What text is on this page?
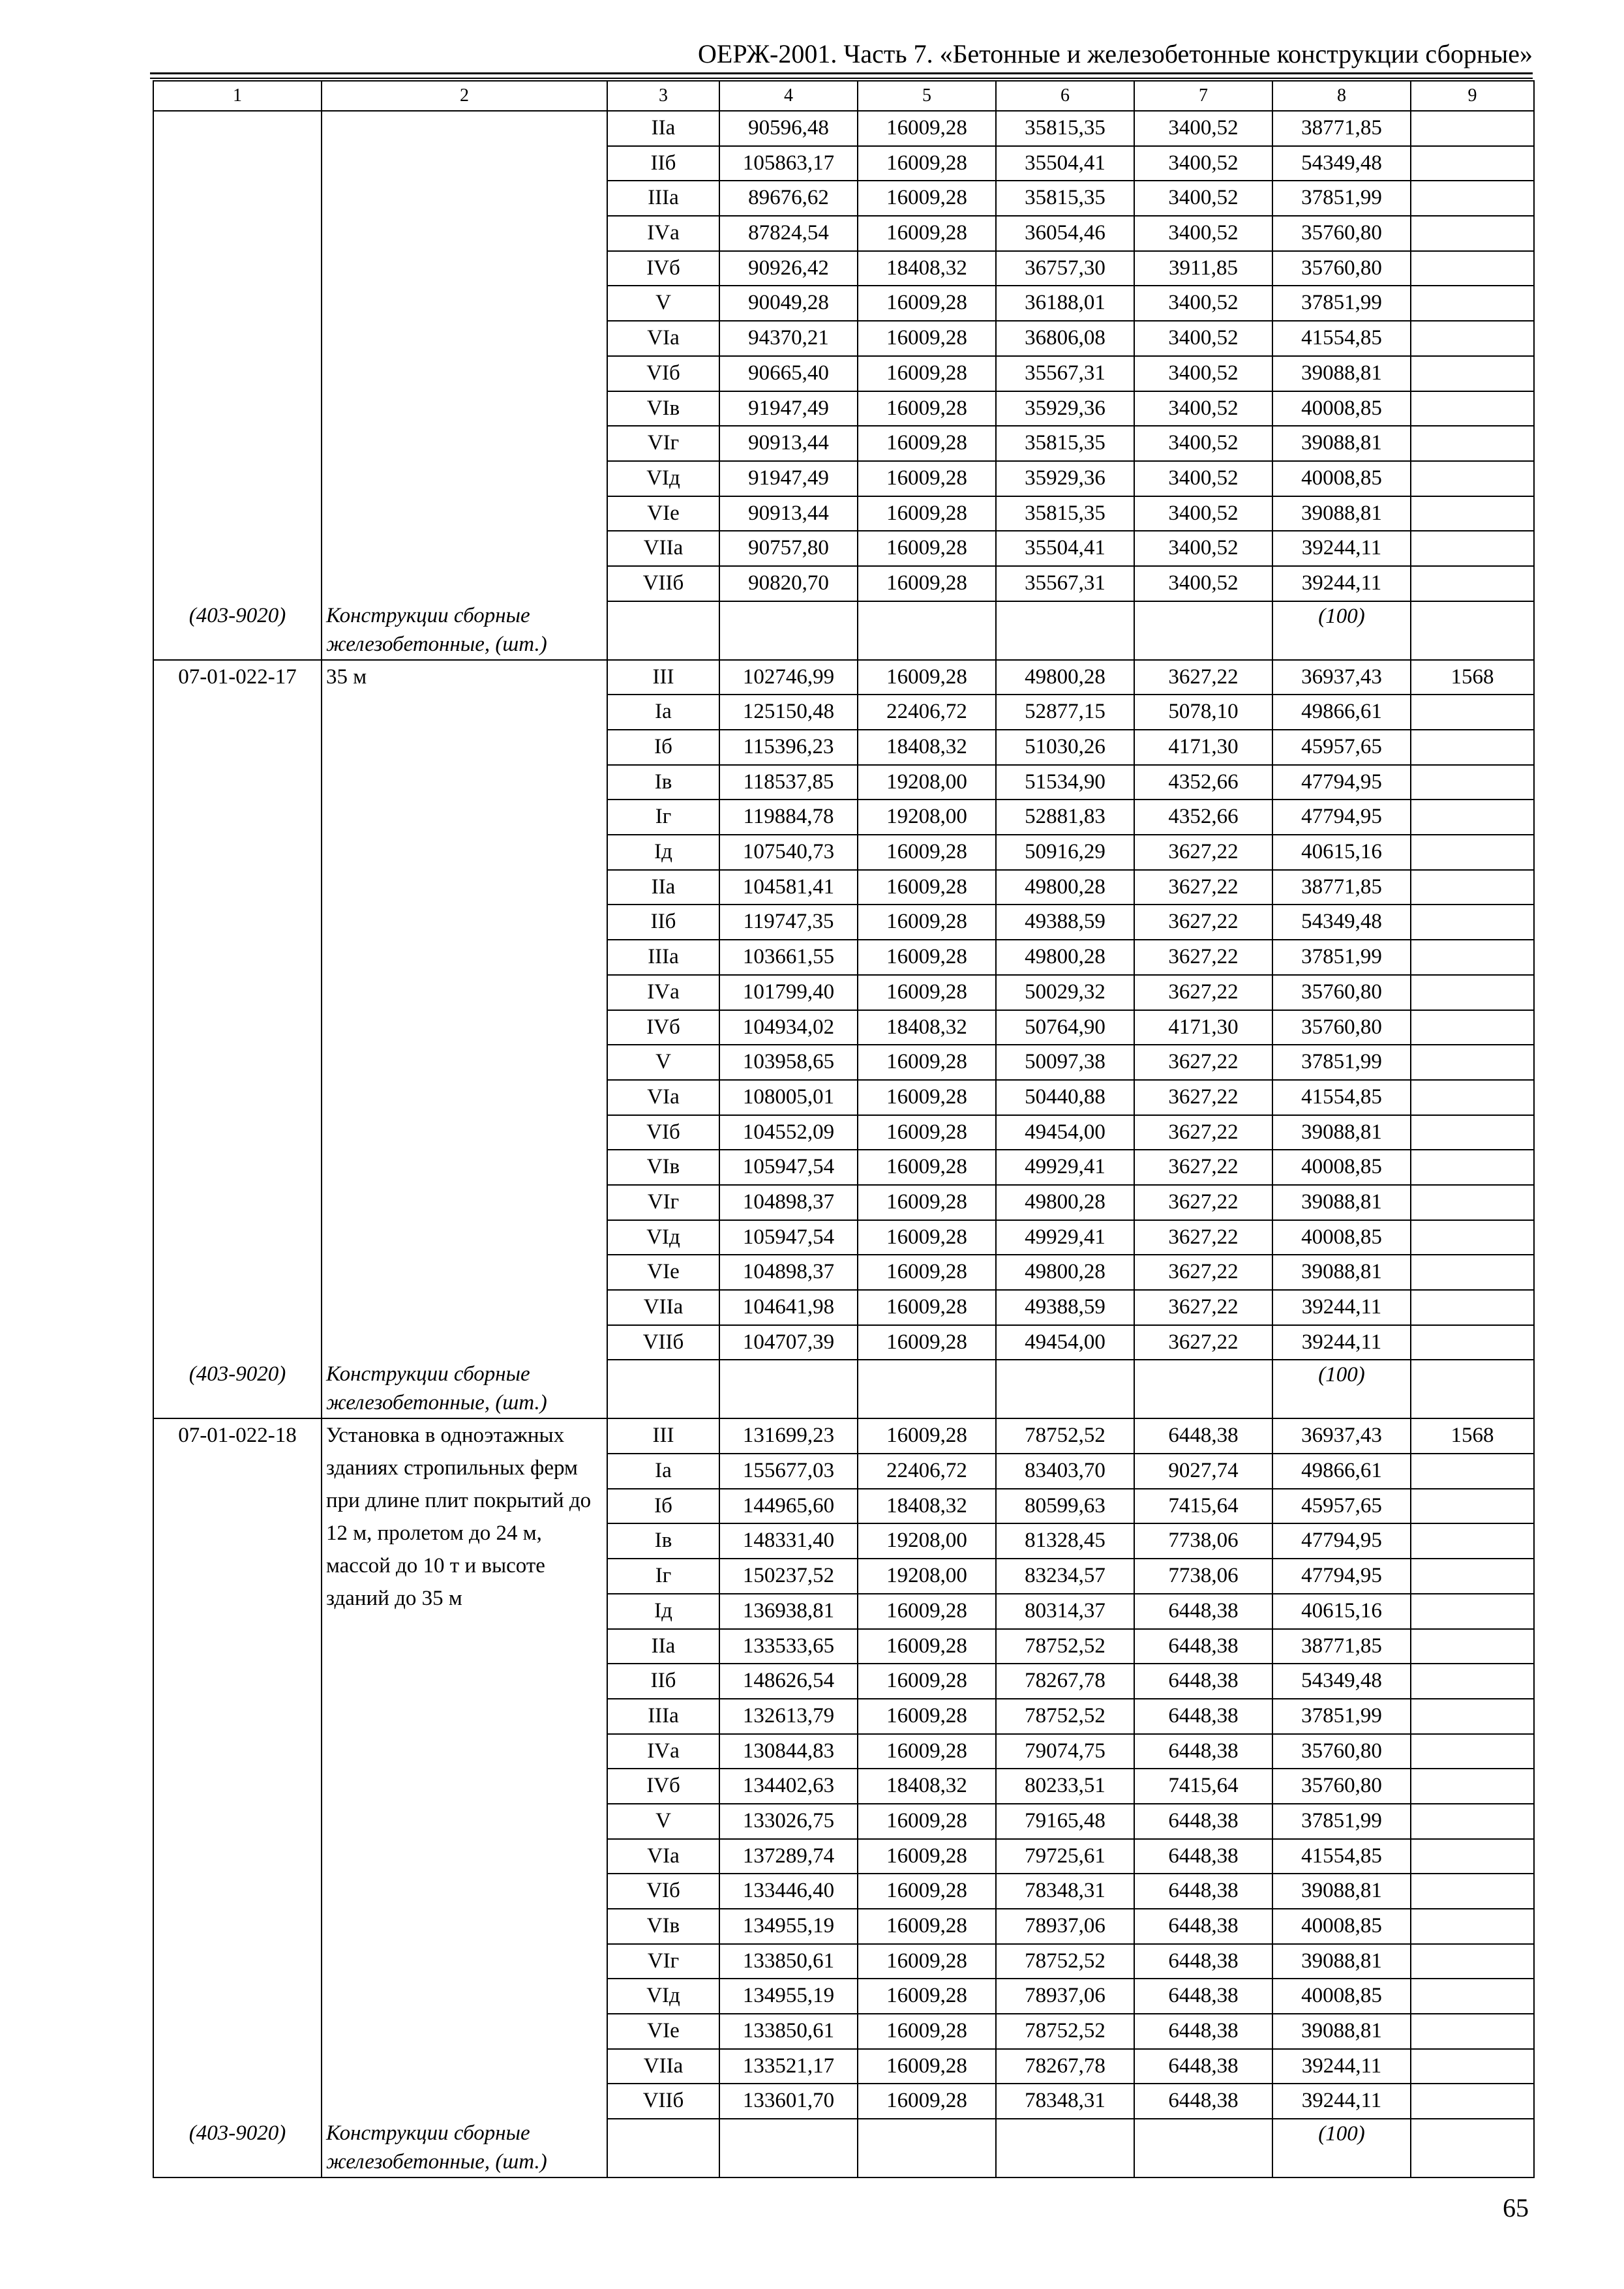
ОЕРЖ-2001. Часть 7. «Бетонные и железобетонные конструкции сборные»
1	2	3	4	5	6	7	8	9
		IIа	90596,48	16009,28	35815,35	3400,52	38771,85	
		IIб	105863,17	16009,28	35504,41	3400,52	54349,48	
		IIIа	89676,62	16009,28	35815,35	3400,52	37851,99	
		IVа	87824,54	16009,28	36054,46	3400,52	35760,80	
		IVб	90926,42	18408,32	36757,30	3911,85	35760,80	
		V	90049,28	16009,28	36188,01	3400,52	37851,99	
		VIа	94370,21	16009,28	36806,08	3400,52	41554,85	
		VIб	90665,40	16009,28	35567,31	3400,52	39088,81	
		VIв	91947,49	16009,28	35929,36	3400,52	40008,85	
		VIг	90913,44	16009,28	35815,35	3400,52	39088,81	
		VIд	91947,49	16009,28	35929,36	3400,52	40008,85	
		VIе	90913,44	16009,28	35815,35	3400,52	39088,81	
		VIIа	90757,80	16009,28	35504,41	3400,52	39244,11	
		VIIб	90820,70	16009,28	35567,31	3400,52	39244,11	
(403-9020)	Конструкции сборные железобетонные, (шт.)						(100)	
07-01-022-17	35 м	III	102746,99	16009,28	49800,28	3627,22	36937,43	1568
		Iа	125150,48	22406,72	52877,15	5078,10	49866,61	
		Iб	115396,23	18408,32	51030,26	4171,30	45957,65	
		Iв	118537,85	19208,00	51534,90	4352,66	47794,95	
		Iг	119884,78	19208,00	52881,83	4352,66	47794,95	
		Iд	107540,73	16009,28	50916,29	3627,22	40615,16	
		IIа	104581,41	16009,28	49800,28	3627,22	38771,85	
		IIб	119747,35	16009,28	49388,59	3627,22	54349,48	
		IIIа	103661,55	16009,28	49800,28	3627,22	37851,99	
		IVа	101799,40	16009,28	50029,32	3627,22	35760,80	
		IVб	104934,02	18408,32	50764,90	4171,30	35760,80	
		V	103958,65	16009,28	50097,38	3627,22	37851,99	
		VIа	108005,01	16009,28	50440,88	3627,22	41554,85	
		VIб	104552,09	16009,28	49454,00	3627,22	39088,81	
		VIв	105947,54	16009,28	49929,41	3627,22	40008,85	
		VIг	104898,37	16009,28	49800,28	3627,22	39088,81	
		VIд	105947,54	16009,28	49929,41	3627,22	40008,85	
		VIе	104898,37	16009,28	49800,28	3627,22	39088,81	
		VIIа	104641,98	16009,28	49388,59	3627,22	39244,11	
		VIIб	104707,39	16009,28	49454,00	3627,22	39244,11	
(403-9020)	Конструкции сборные железобетонные, (шт.)						(100)	
07-01-022-18	Установка в одноэтажных зданиях стропильных ферм при длине плит покрытий до 12 м, пролетом до 24 м, массой до 10 т и высоте зданий до 35 м	III	131699,23	16009,28	78752,52	6448,38	36937,43	1568
		Iа	155677,03	22406,72	83403,70	9027,74	49866,61	
		Iб	144965,60	18408,32	80599,63	7415,64	45957,65	
		Iв	148331,40	19208,00	81328,45	7738,06	47794,95	
		Iг	150237,52	19208,00	83234,57	7738,06	47794,95	
		Iд	136938,81	16009,28	80314,37	6448,38	40615,16	
		IIа	133533,65	16009,28	78752,52	6448,38	38771,85	
		IIб	148626,54	16009,28	78267,78	6448,38	54349,48	
		IIIа	132613,79	16009,28	78752,52	6448,38	37851,99	
		IVа	130844,83	16009,28	79074,75	6448,38	35760,80	
		IVб	134402,63	18408,32	80233,51	7415,64	35760,80	
		V	133026,75	16009,28	79165,48	6448,38	37851,99	
		VIа	137289,74	16009,28	79725,61	6448,38	41554,85	
		VIб	133446,40	16009,28	78348,31	6448,38	39088,81	
		VIв	134955,19	16009,28	78937,06	6448,38	40008,85	
		VIг	133850,61	16009,28	78752,52	6448,38	39088,81	
		VIд	134955,19	16009,28	78937,06	6448,38	40008,85	
		VIе	133850,61	16009,28	78752,52	6448,38	39088,81	
		VIIа	133521,17	16009,28	78267,78	6448,38	39244,11	
		VIIб	133601,70	16009,28	78348,31	6448,38	39244,11	
(403-9020)	Конструкции сборные железобетонные, (шт.)						(100)	
65
